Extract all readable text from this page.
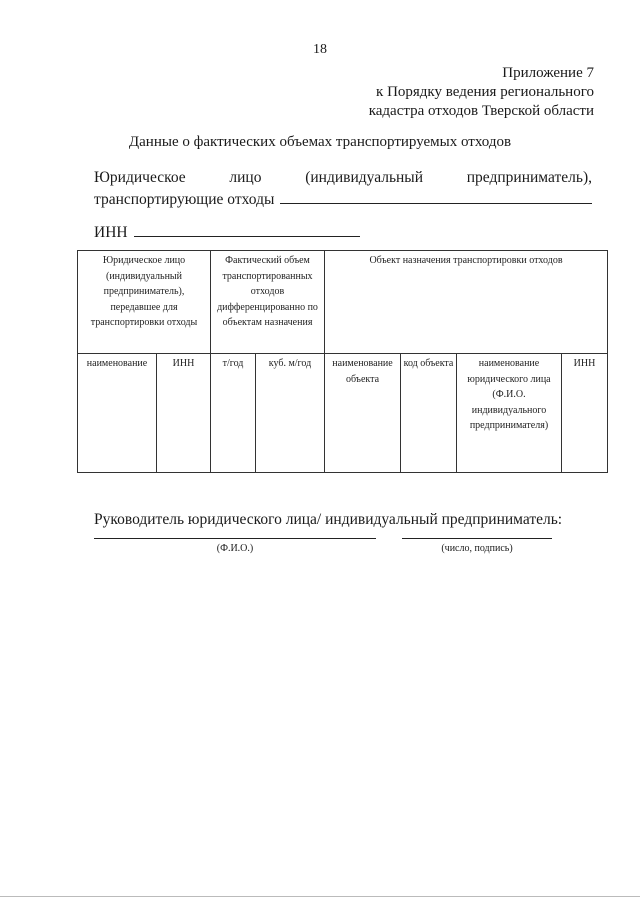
18
Приложение 7
к Порядку ведения регионального
кадастра отходов Тверской области
Данные о фактических объемах транспортируемых отходов
Юридическое	лицо	(индивидуальный	предприниматель),
транспортирующие отходы
ИНН
Юридическое лицо (индивидуальный предприниматель), передавшее для транспортировки отходы		Фактический объем транспортированных отходов дифференцированно по объектам назначения		Объект назначения транспортировки отходов			
наименование	ИНН	т/год	куб. м/год	наименование объекта	код объекта	наименование юридического лица (Ф.И.О. индивидуального предпринимателя)	ИНН
Руководитель юридического лица/ индивидуальный предприниматель:
(Ф.И.О.)	(число, подпись)
